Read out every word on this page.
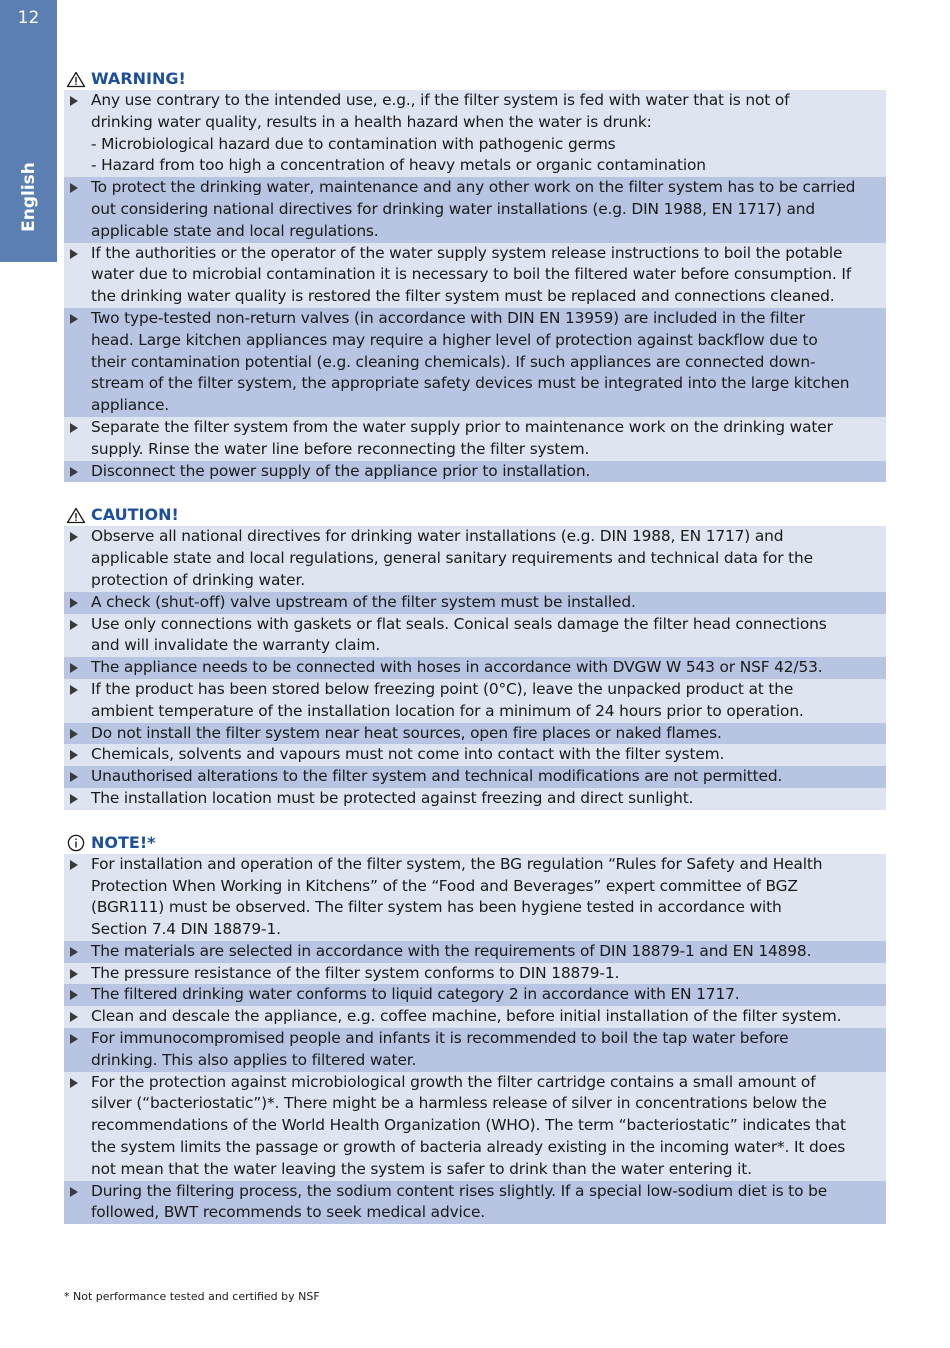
12
English
WARNING!
Any use contrary to the intended use, e.g., if the filter system is fed with water that is not of
drinking water quality, results in a health hazard when the water is drunk:
- Microbiological hazard due to contamination with pathogenic germs
- Hazard from too high a concentration of heavy metals or organic contamination
To protect the drinking water, maintenance and any other work on the filter system has to be carried
out considering national directives for drinking water installations (e.g. DIN 1988, EN 1717) and
applicable state and local regulations.
If the authorities or the operator of the water supply system release instructions to boil the potable
water due to microbial contamination it is necessary to boil the filtered water before consumption. If
the drinking water quality is restored the filter system must be replaced and connections cleaned.
Two type-tested non-return valves (in accordance with DIN EN 13959) are included in the filter
head. Large kitchen appliances may require a higher level of protection against backflow due to
their contamination potential (e.g. cleaning chemicals). If such appliances are connected down-
stream of the filter system, the appropriate safety devices must be integrated into the large kitchen
appliance.
Separate the filter system from the water supply prior to maintenance work on the drinking water
supply. Rinse the water line before reconnecting the filter system.
Disconnect the power supply of the appliance prior to installation.
CAUTION!
Observe all national directives for drinking water installations (e.g. DIN 1988, EN 1717) and
applicable state and local regulations, general sanitary requirements and technical data for the
protection of drinking water.
A check (shut-off) valve upstream of the filter system must be installed.
Use only connections with gaskets or flat seals. Conical seals damage the filter head connections
and will invalidate the warranty claim.
The appliance needs to be connected with hoses in accordance with DVGW W 543 or NSF 42/53.
If the product has been stored below freezing point (0°C), leave the unpacked product at the
ambient temperature of the installation location for a minimum of 24 hours prior to operation.
Do not install the filter system near heat sources, open fire places or naked flames.
Chemicals, solvents and vapours must not come into contact with the filter system.
Unauthorised alterations to the filter system and technical modifications are not permitted.
The installation location must be protected against freezing and direct sunlight.
NOTE!*
For installation and operation of the filter system, the BG regulation “Rules for Safety and Health
Protection When Working in Kitchens” of the “Food and Beverages” expert committee of BGZ
(BGR111) must be observed. The filter system has been hygiene tested in accordance with
Section 7.4 DIN 18879-1.
The materials are selected in accordance with the requirements of DIN 18879-1 and EN 14898.
The pressure resistance of the filter system conforms to DIN 18879-1.
The filtered drinking water conforms to liquid category 2 in accordance with EN 1717.
Clean and descale the appliance, e.g. coffee machine, before initial installation of the filter system.
For immunocompromised people and infants it is recommended to boil the tap water before
drinking. This also applies to filtered water.
For the protection against microbiological growth the filter cartridge contains a small amount of
silver (“bacteriostatic”)*. There might be a harmless release of silver in concentrations below the
recommendations of the World Health Organization (WHO). The term “bacteriostatic” indicates that
the system limits the passage or growth of bacteria already existing in the incoming water*. It does
not mean that the water leaving the system is safer to drink than the water entering it.
During the filtering process, the sodium content rises slightly. If a special low-sodium diet is to be
followed, BWT recommends to seek medical advice.
* Not performance tested and certified by NSF
